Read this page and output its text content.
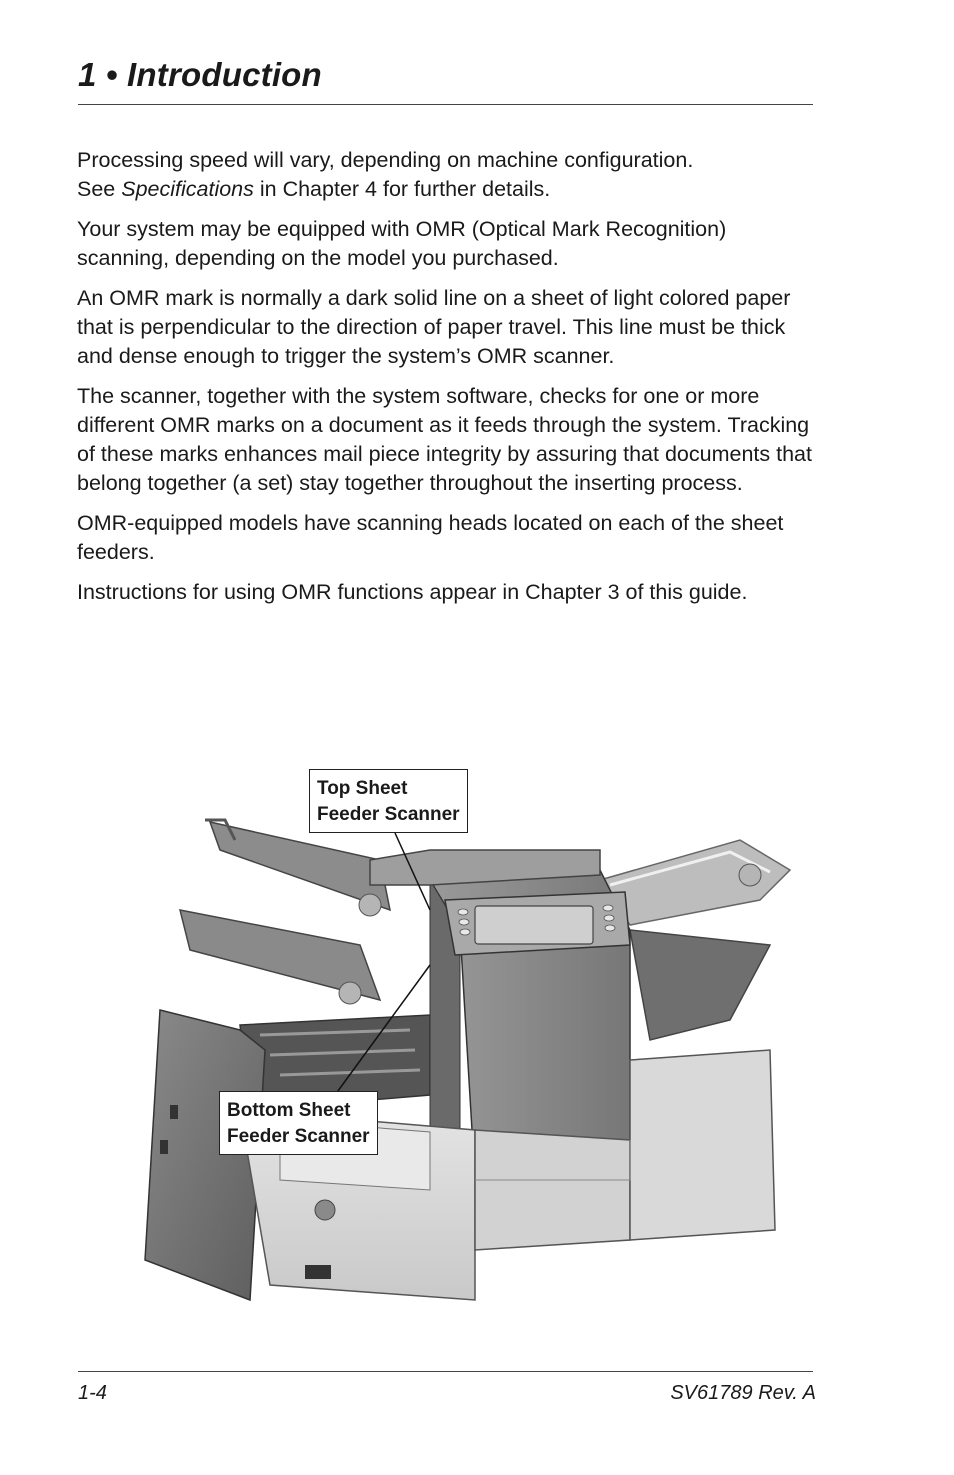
1 • Introduction

Processing speed will vary, depending on machine configuration.
See Specifications in Chapter 4 for further details.

Your system may be equipped with OMR (Optical Mark Recognition) scanning, depending on the model you purchased.

An OMR mark is normally a dark solid line on a sheet of light colored paper that is perpendicular to the direction of paper travel. This line must be thick and dense enough to trigger the system’s OMR scanner.

The scanner, together with the system software, checks for one or more different OMR marks on a document as it feeds through the system. Tracking of these marks enhances mail piece integrity by assuring that documents that belong together (a set) stay together throughout the inserting process.

OMR-equipped models have scanning heads located on each of the sheet feeders.

Instructions for using OMR functions appear in Chapter 3 of this guide.

Top Sheet
Feeder Scanner
Bottom Sheet
Feeder Scanner
1-4	SV61789 Rev. A
